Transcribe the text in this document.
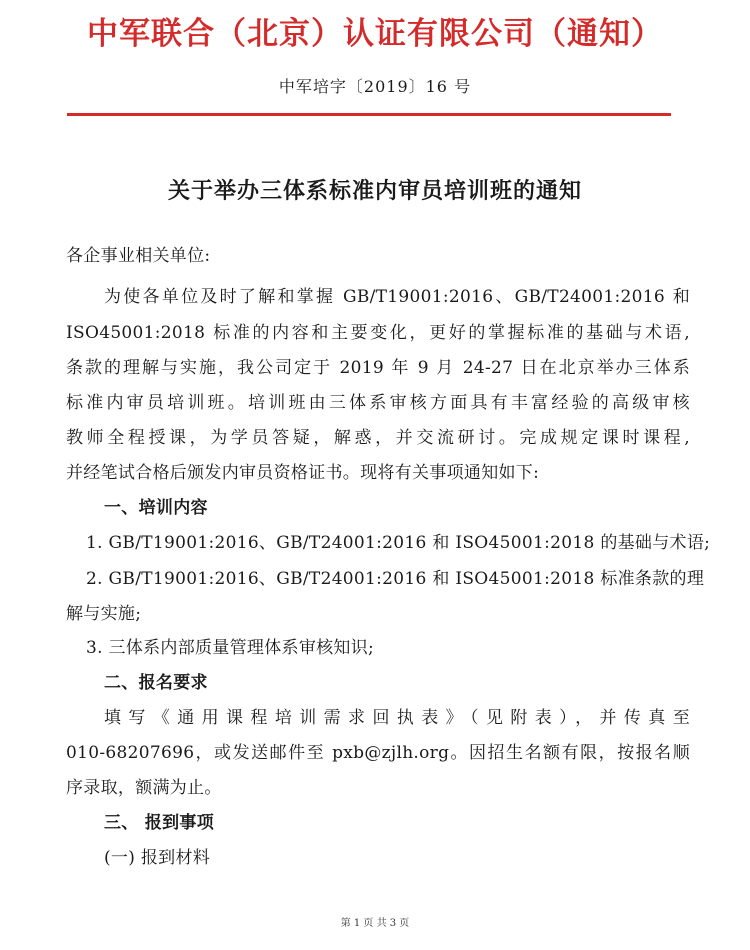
中军联合（北京）认证有限公司（通知）
中军培字〔2019〕16 号
关于举办三体系标准内审员培训班的通知
各企事业相关单位:
为使各单位及时了解和掌握 GB/T19001:2016、GB/T24001:2016 和
ISO45001:2018 标准的内容和主要变化，更好的掌握标准的基础与术语,
条款的理解与实施，我公司定于 2019 年 9 月 24-27 日在北京举办三体系
标准内审员培训班。培训班由三体系审核方面具有丰富经验的高级审核
教师全程授课，为学员答疑，解惑，并交流研讨。完成规定课时课程,
并经笔试合格后颁发内审员资格证书。现将有关事项通知如下:
一、培训内容
1. GB/T19001:2016、GB/T24001:2016 和 ISO45001:2018 的基础与术语;
2. GB/T19001:2016、GB/T24001:2016 和 ISO45001:2018 标准条款的理
解与实施;
3. 三体系内部质量管理体系审核知识;
二、报名要求
填写《通用课程培训需求回执表》（见附表），并传真至
010-68207696，或发送邮件至 pxb@zjlh.org。因招生名额有限，按报名顺
序录取，额满为止。
三、 报到事项
(一) 报到材料
第 1 页 共 3 页
